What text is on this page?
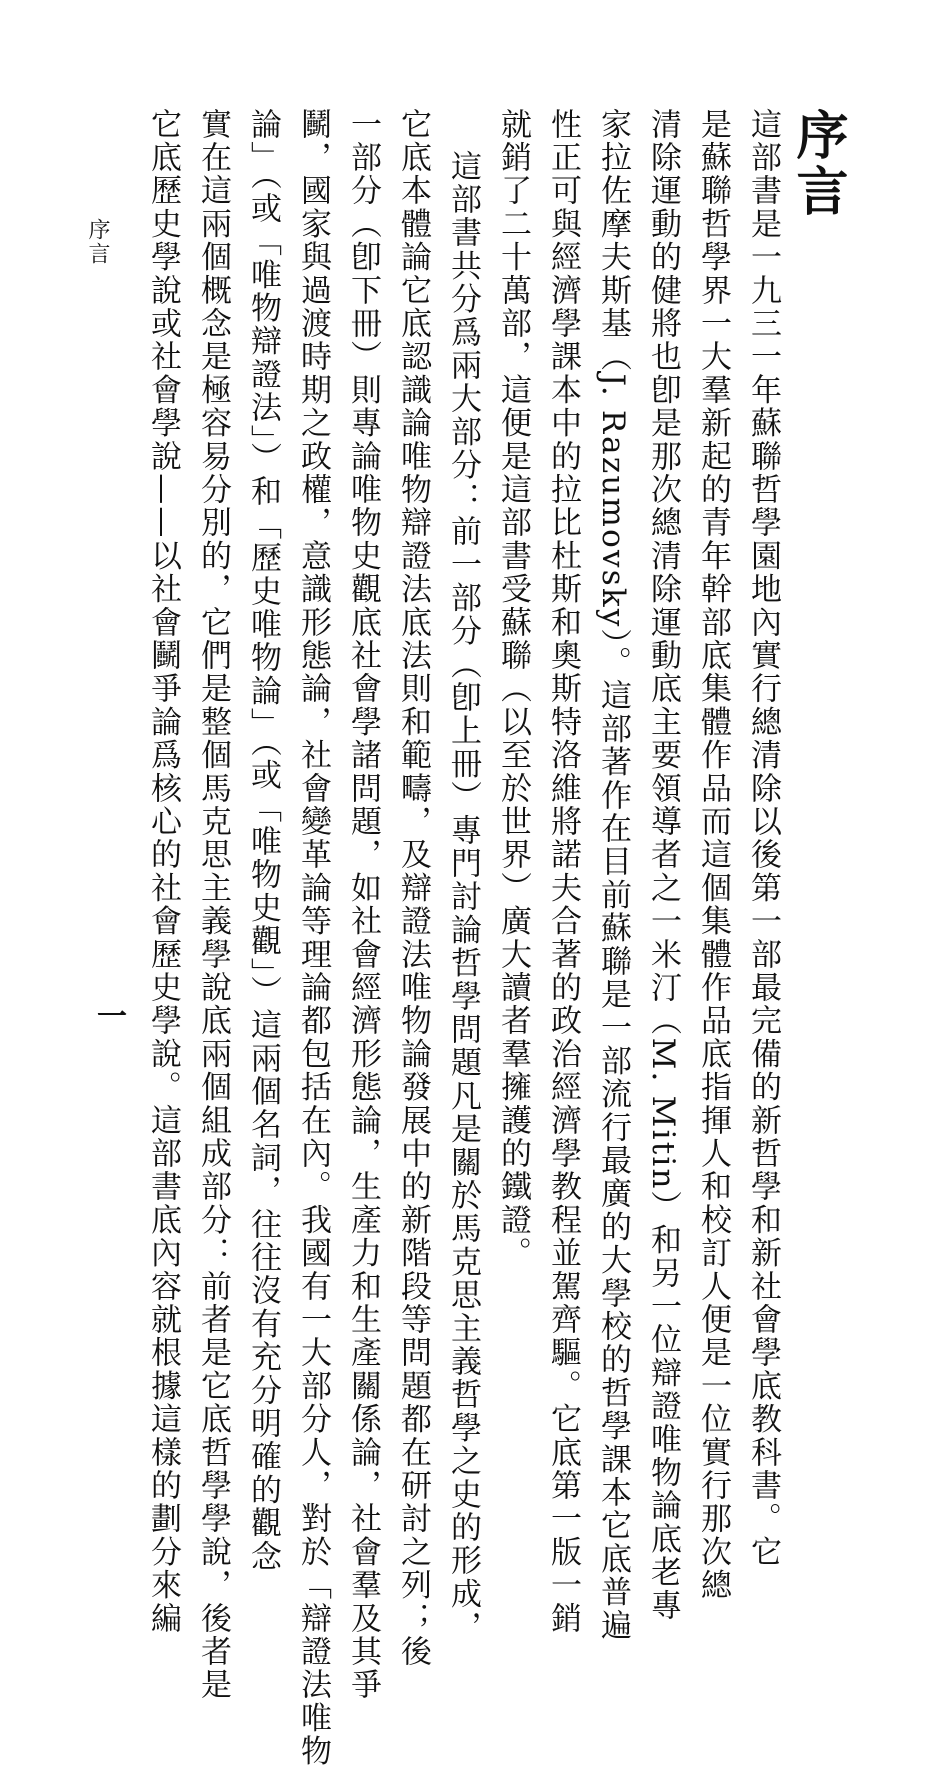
序言
這部書是一九三一年蘇聯哲學園地內實行總清除以後第一部最完備的新哲學和新社會學底教科書。它
是蘇聯哲學界一大羣新起的青年幹部底集體作品而這個集體作品底指揮人和校訂人便是一位實行那次總
清除運動的健將也卽是那次總清除運動底主要領導者之一米汀（M. Mitin）和另一位辯證唯物論底老專
家拉佐摩夫斯基（J. Razumovsky）。這部著作在目前蘇聯是一部流行最廣的大學校的哲學課本它底普遍
性正可與經濟學課本中的拉比杜斯和奧斯特洛維將諾夫合著的政治經濟學教程並駕齊驅。它底第一版一銷
就銷了二十萬部，這便是這部書受蘇聯（以至於世界）廣大讀者羣擁護的鐵證。
這部書共分爲兩大部分：前一部分（卽上冊）專門討論哲學問題凡是關於馬克思主義哲學之史的形成，
它底本體論它底認識論唯物辯證法底法則和範疇，及辯證法唯物論發展中的新階段等問題都在研討之列；後
一部分（卽下冊）則專論唯物史觀底社會學諸問題，如社會經濟形態論，生產力和生產關係論，社會羣及其爭
鬭，國家與過渡時期之政權，意識形態論，社會變革論等理論都包括在內。我國有一大部分人，對於「辯證法唯物
論」（或「唯物辯證法」）和「歷史唯物論」（或「唯物史觀」）這兩個名詞，往往沒有充分明確的觀念
實在這兩個概念是極容易分別的，它們是整個馬克思主義學說底兩個組成部分：前者是它底哲學學說，後者是
它底歷史學說或社會學說——以社會鬭爭論爲核心的社會歷史學說。這部書底內容就根據這樣的劃分來編
序言
一
